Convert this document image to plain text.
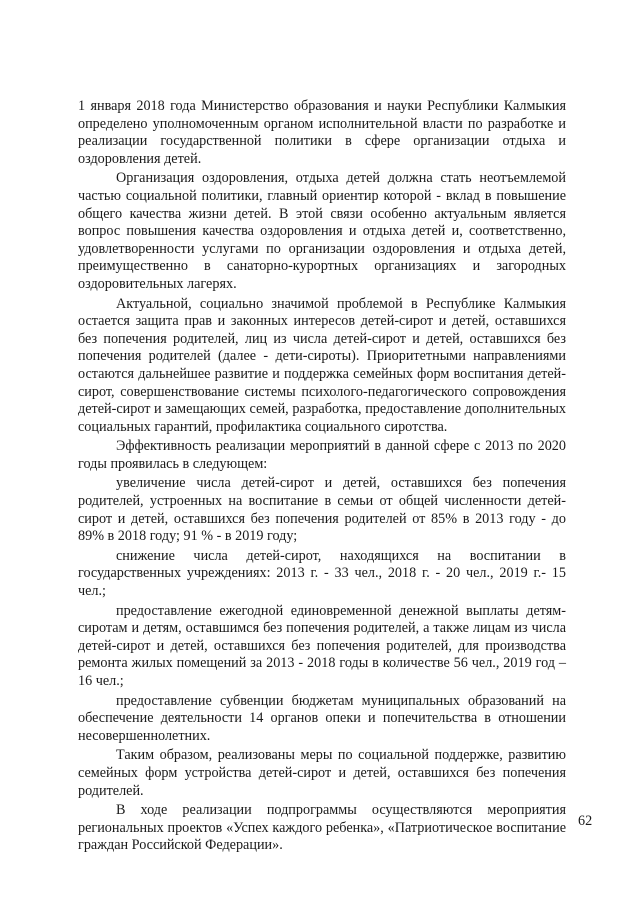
1 января 2018 года Министерство образования и науки Республики Калмыкия определено уполномоченным органом исполнительной власти по разработке и реализации государственной политики в сфере организации отдыха и оздоровления детей.

Организация оздоровления, отдыха детей должна стать неотъемлемой частью социальной политики, главный ориентир которой - вклад в повышение общего качества жизни детей. В этой связи особенно актуальным является вопрос повышения качества оздоровления и отдыха детей и, соответственно, удовлетворенности услугами по организации оздоровления и отдыха детей, преимущественно в санаторно-курортных организациях и загородных оздоровительных лагерях.

Актуальной, социально значимой проблемой в Республике Калмыкия остается защита прав и законных интересов детей-сирот и детей, оставшихся без попечения родителей, лиц из числа детей-сирот и детей, оставшихся без попечения родителей (далее - дети-сироты). Приоритетными направлениями остаются дальнейшее развитие и поддержка семейных форм воспитания детей-сирот, совершенствование системы психолого-педагогического сопровождения детей-сирот и замещающих семей, разработка, предоставление дополнительных социальных гарантий, профилактика социального сиротства.

Эффективность реализации мероприятий в данной сфере с 2013 по 2020 годы проявилась в следующем:

увеличение числа детей-сирот и детей, оставшихся без попечения родителей, устроенных на воспитание в семьи от общей численности детей-сирот и детей, оставшихся без попечения родителей от 85% в 2013 году - до 89% в 2018 году; 91 % - в 2019 году;

снижение числа детей-сирот, находящихся на воспитании в государственных учреждениях: 2013 г. - 33 чел., 2018 г. - 20 чел., 2019 г.- 15 чел.;

предоставление ежегодной единовременной денежной выплаты детям-сиротам и детям, оставшимся без попечения родителей, а также лицам из числа детей-сирот и детей, оставшихся без попечения родителей, для производства ремонта жилых помещений за 2013 - 2018 годы в количестве 56 чел., 2019 год – 16 чел.;

предоставление субвенции бюджетам муниципальных образований на обеспечение деятельности 14 органов опеки и попечительства в отношении несовершеннолетних.

Таким образом, реализованы меры по социальной поддержке, развитию семейных форм устройства детей-сирот и детей, оставшихся без попечения родителей.

В ходе реализации подпрограммы осуществляются мероприятия региональных проектов «Успех каждого ребенка», «Патриотическое воспитание граждан Российской Федерации».

62
